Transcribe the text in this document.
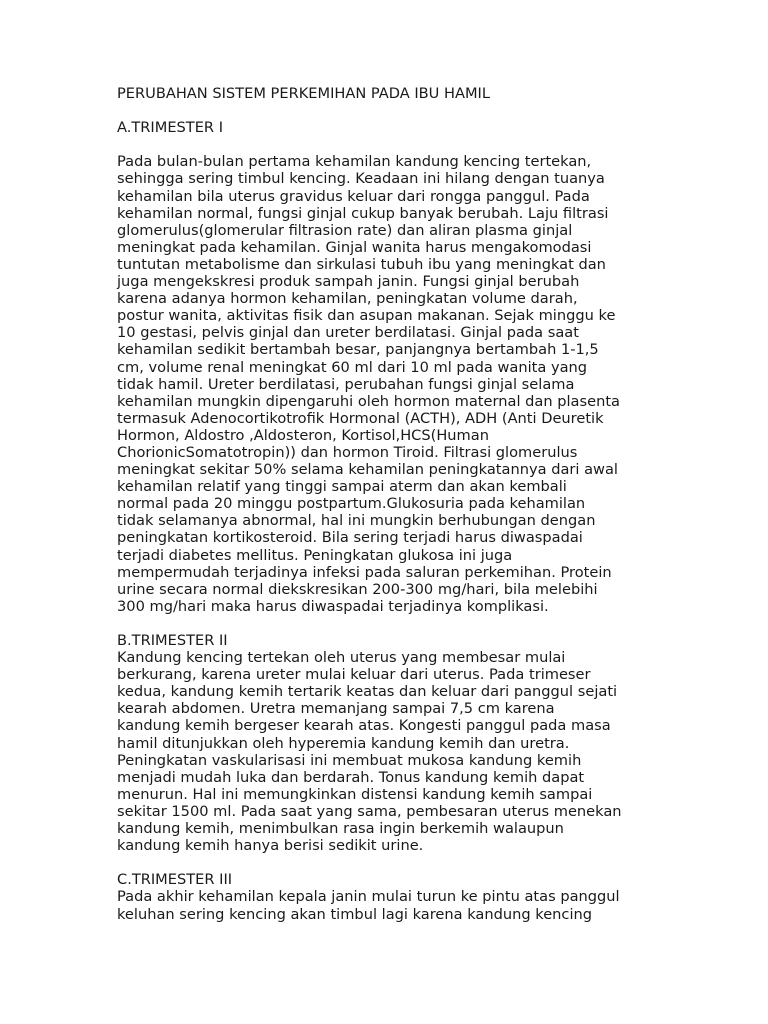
PERUBAHAN SISTEM PERKEMIHAN PADA IBU HAMIL
A.TRIMESTER I
Pada bulan-bulan pertama kehamilan kandung kencing tertekan,
sehingga sering timbul kencing. Keadaan ini hilang dengan tuanya
kehamilan bila uterus gravidus keluar dari rongga panggul. Pada
kehamilan normal, fungsi ginjal cukup banyak berubah. Laju filtrasi
glomerulus(glomerular filtrasion rate) dan aliran plasma ginjal
meningkat pada kehamilan. Ginjal wanita harus mengakomodasi
tuntutan metabolisme dan sirkulasi tubuh ibu yang meningkat dan
juga mengekskresi produk sampah janin. Fungsi ginjal berubah
karena adanya hormon kehamilan, peningkatan volume darah,
postur wanita, aktivitas fisik dan asupan makanan. Sejak minggu ke
10 gestasi, pelvis ginjal dan ureter berdilatasi. Ginjal pada saat
kehamilan sedikit bertambah besar, panjangnya bertambah 1-1,5
cm, volume renal meningkat 60 ml dari 10 ml pada wanita yang
tidak hamil. Ureter berdilatasi, perubahan fungsi ginjal selama
kehamilan mungkin dipengaruhi oleh hormon maternal dan plasenta
termasuk Adenocortikotrofik Hormonal (ACTH), ADH (Anti Deuretik
Hormon, Aldostro ,Aldosteron, Kortisol,HCS(Human
ChorionicSomatotropin)) dan hormon Tiroid. Filtrasi glomerulus
meningkat sekitar 50% selama kehamilan peningkatannya dari awal
kehamilan relatif yang tinggi sampai aterm dan akan kembali
normal pada 20 minggu postpartum.Glukosuria pada kehamilan
tidak selamanya abnormal, hal ini mungkin berhubungan dengan
peningkatan kortikosteroid. Bila sering terjadi harus diwaspadai
terjadi diabetes mellitus. Peningkatan glukosa ini juga
mempermudah terjadinya infeksi pada saluran perkemihan. Protein
urine secara normal diekskresikan 200-300 mg/hari, bila melebihi
300 mg/hari maka harus diwaspadai terjadinya komplikasi.
B.TRIMESTER II
Kandung kencing tertekan oleh uterus yang membesar mulai
berkurang, karena ureter mulai keluar dari uterus. Pada trimeser
kedua, kandung kemih tertarik keatas dan keluar dari panggul sejati
kearah abdomen. Uretra memanjang sampai 7,5 cm karena
kandung kemih bergeser kearah atas. Kongesti panggul pada masa
hamil ditunjukkan oleh hyperemia kandung kemih dan uretra.
Peningkatan vaskularisasi ini membuat mukosa kandung kemih
menjadi mudah luka dan berdarah. Tonus kandung kemih dapat
menurun. Hal ini memungkinkan distensi kandung kemih sampai
sekitar 1500 ml. Pada saat yang sama, pembesaran uterus menekan
kandung kemih, menimbulkan rasa ingin berkemih walaupun
kandung kemih hanya berisi sedikit urine.
C.TRIMESTER III
Pada akhir kehamilan kepala janin mulai turun ke pintu atas panggul
keluhan sering kencing akan timbul lagi karena kandung kencing
